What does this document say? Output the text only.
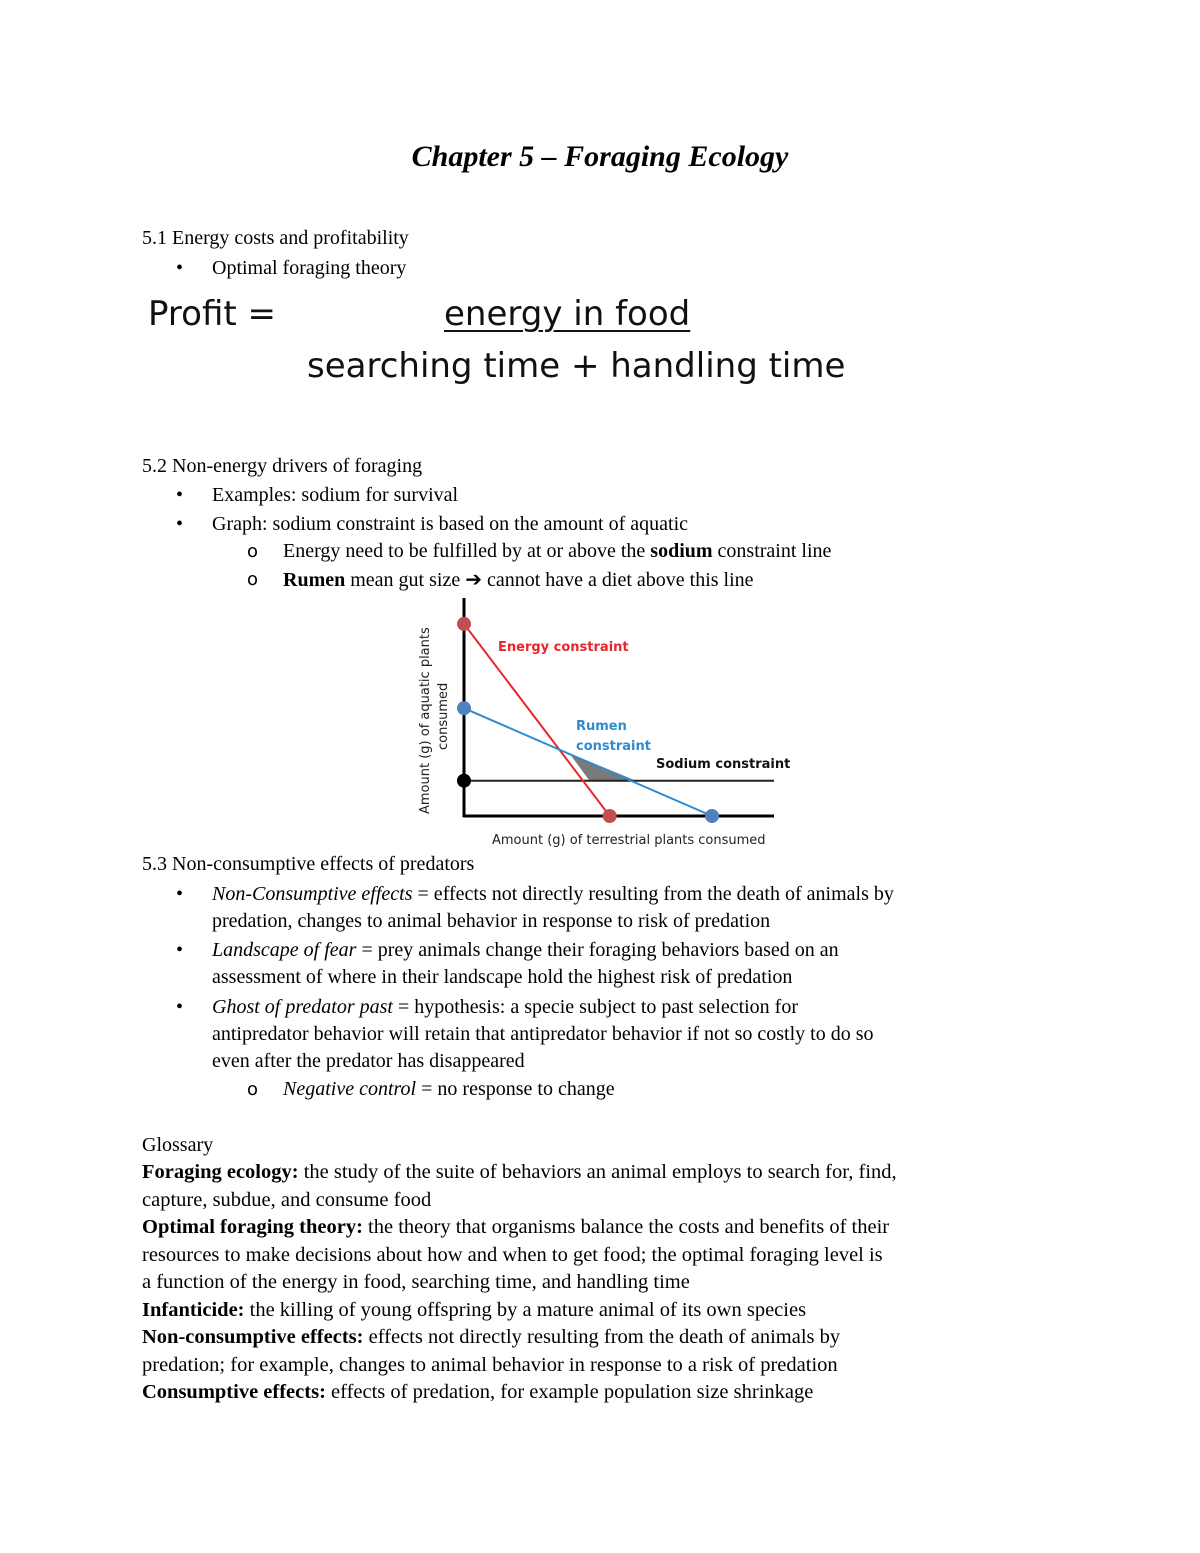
Chapter 5 – Foraging Ecology
5.1 Energy costs and profitability
• Optimal foraging theory
Profit =	energy in food
searching time + handling time
5.2 Non-energy drivers of foraging
• Examples: sodium for survival
• Graph: sodium constraint is based on the amount of aquatic
o Energy need to be fulfilled by at or above the sodium constraint line
o Rumen mean gut size ➔ cannot have a diet above this line
Energy constraint
Rumen
constraint
Sodium constraint
Amount (g) of terrestrial plants consumed
Amount (g) of aquatic plants consumed
5.3 Non-consumptive effects of predators
• Non-Consumptive effects = effects not directly resulting from the death of animals by
predation, changes to animal behavior in response to risk of predation
• Landscape of fear = prey animals change their foraging behaviors based on an
assessment of where in their landscape hold the highest risk of predation
• Ghost of predator past = hypothesis: a specie subject to past selection for
antipredator behavior will retain that antipredator behavior if not so costly to do so
even after the predator has disappeared
o Negative control = no response to change
Glossary
Foraging ecology: the study of the suite of behaviors an animal employs to search for, find,
capture, subdue, and consume food
Optimal foraging theory: the theory that organisms balance the costs and benefits of their
resources to make decisions about how and when to get food; the optimal foraging level is
a function of the energy in food, searching time, and handling time
Infanticide: the killing of young offspring by a mature animal of its own species
Non-consumptive effects: effects not directly resulting from the death of animals by
predation; for example, changes to animal behavior in response to a risk of predation
Consumptive effects: effects of predation, for example population size shrinkage
